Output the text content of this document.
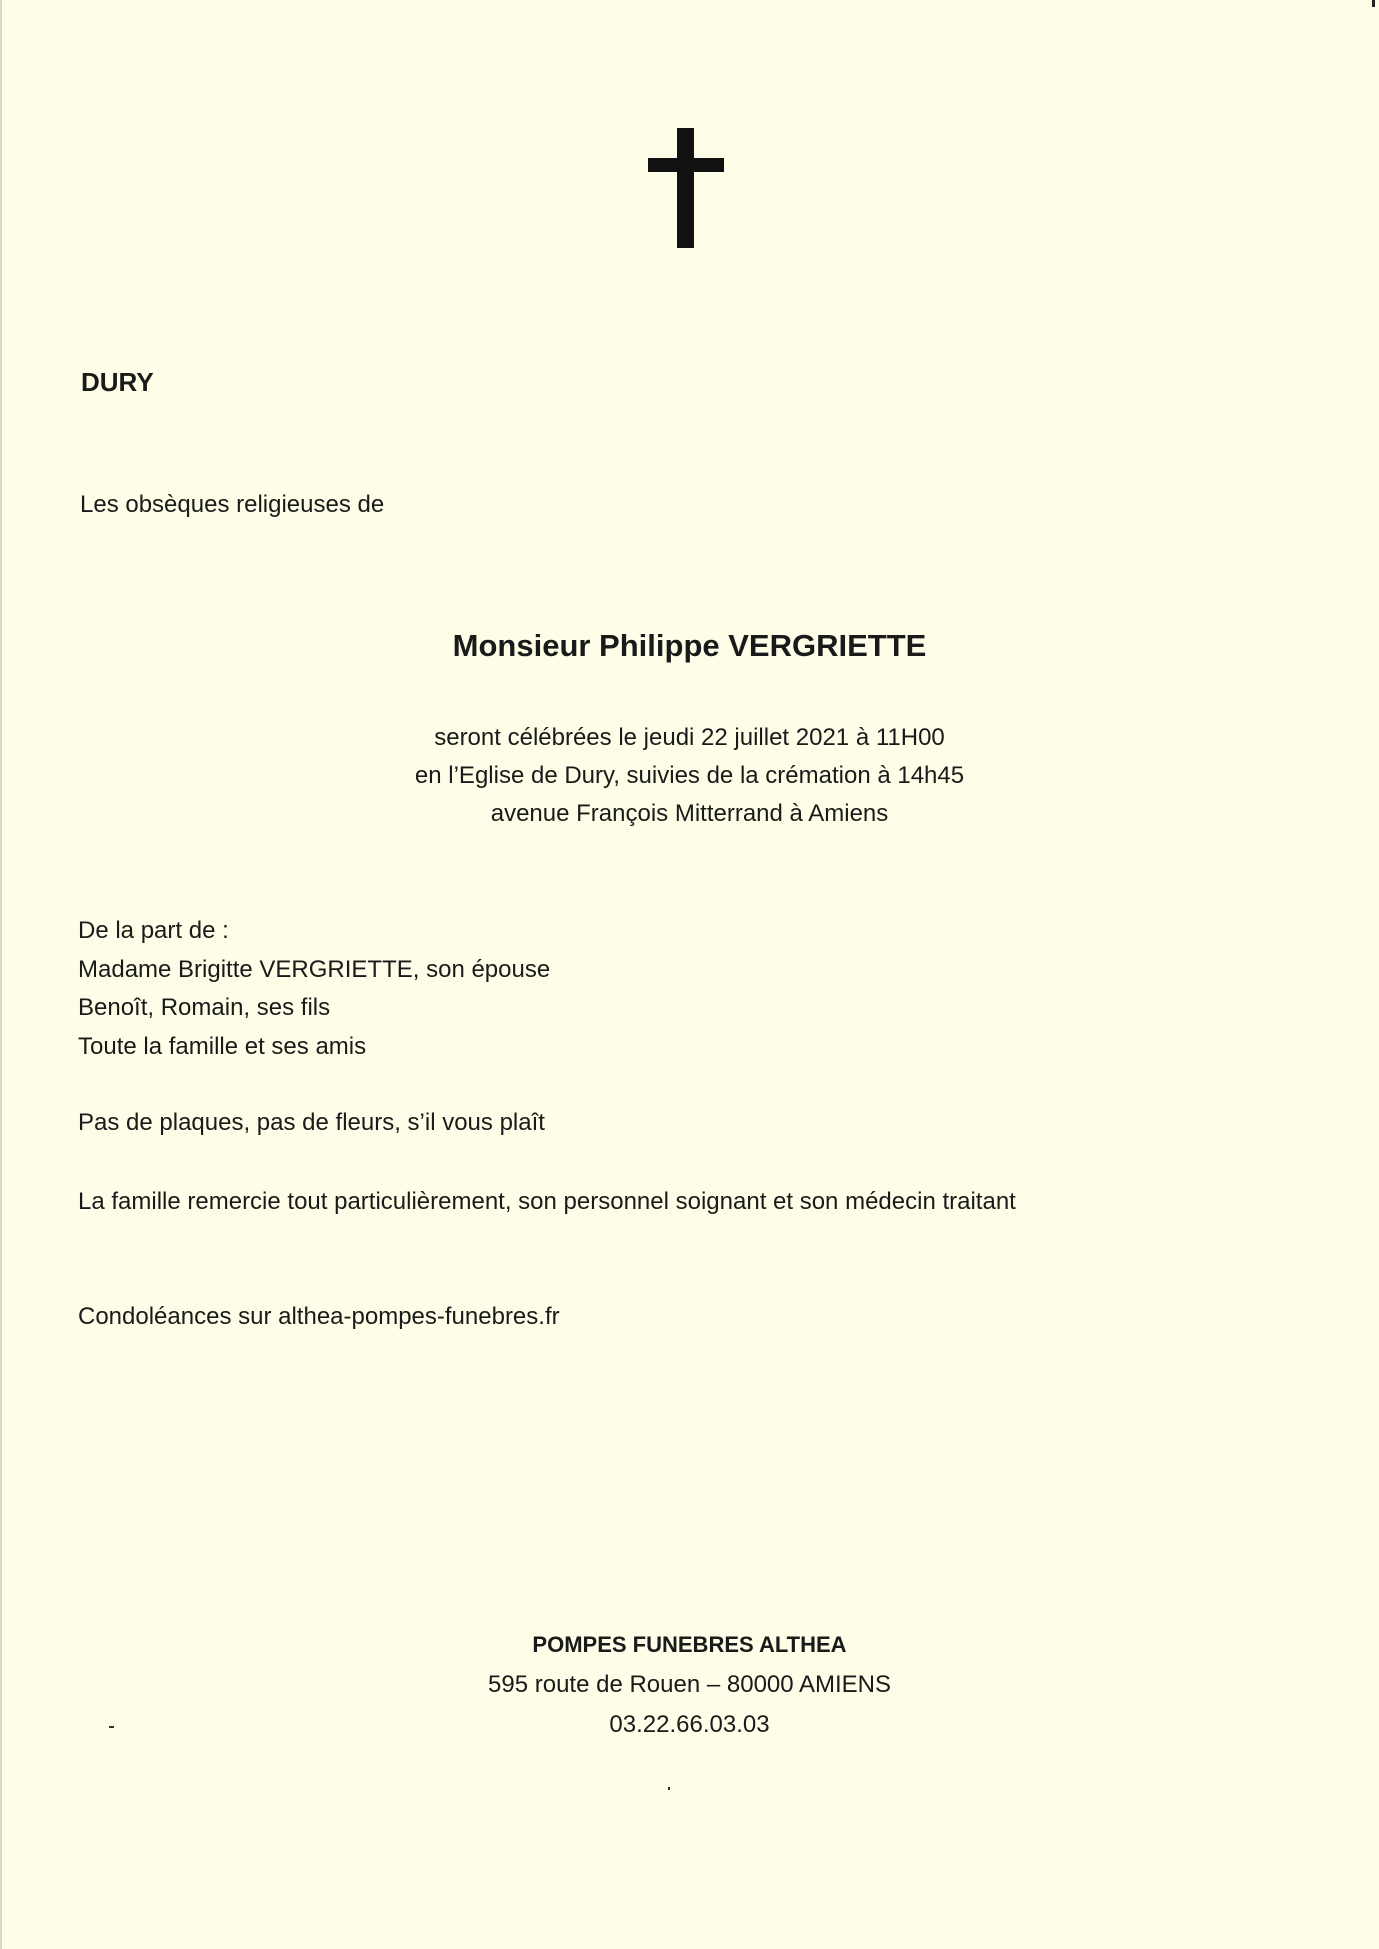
DURY
Les obsèques religieuses de
Monsieur Philippe VERGRIETTE
seront célébrées le jeudi 22 juillet 2021 à 11H00
en l’Eglise de Dury, suivies de la crémation à 14h45
avenue François Mitterrand à Amiens
De la part de :
Madame Brigitte VERGRIETTE, son épouse
Benoît, Romain, ses fils
Toute la famille et ses amis
Pas de plaques, pas de fleurs, s’il vous plaît
La famille remercie tout particulièrement, son personnel soignant et son médecin traitant
Condoléances sur althea-pompes-funebres.fr
POMPES FUNEBRES ALTHEA
595 route de Rouen – 80000 AMIENS
03.22.66.03.03
